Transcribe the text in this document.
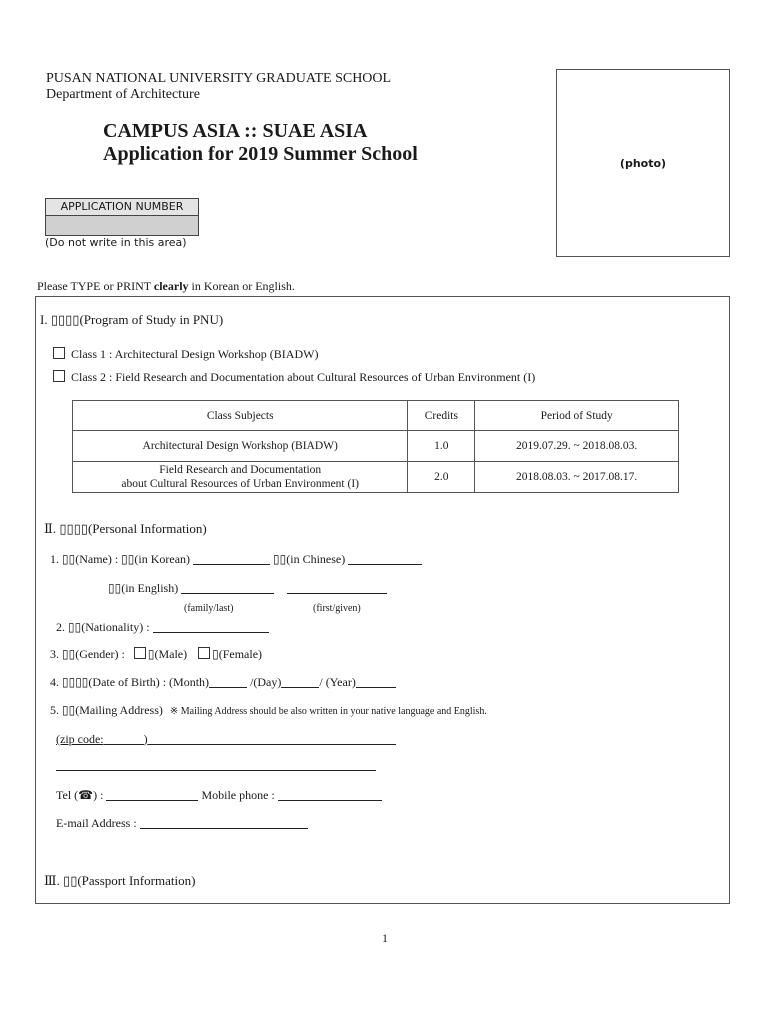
PUSAN NATIONAL UNIVERSITY GRADUATE SCHOOL
Department of Architecture
CAMPUS ASIA :: SUAE ASIA
Application for 2019 Summer School	(photo)
APPLICATION NUMBER
(Do not write in this area)
Please TYPE or PRINT clearly in Korean or English.
I. ▯▯▯▯(Program of Study in PNU)
Class 1 : Architectural Design Workshop (BIADW)
Class 2 : Field Research and Documentation about Cultural Resources of Urban Environment (I)
Class Subjects	Credits	Period of Study
Architectural Design Workshop (BIADW)	1.0	2019.07.29. ~ 2018.08.03.

Field Research and Documentation
about Cultural Resources of Urban Environment (I)	2.0	2018.08.03. ~ 2017.08.17.
Ⅱ. ▯▯▯▯(Personal Information)
1. ▯▯(Name) : ▯▯(in Korean)	▯▯(in Chinese)
▯▯(in English)
(family/last)	(first/given)
2. ▯▯(Nationality) :
3. ▯▯(Gender) : ▯(Male) ▯(Female)
4. ▯▯▯▯(Date of Birth) : (Month)	/(Day)	/ (Year)
5. ▯▯(Mailing Address) ※ Mailing Address should be also written in your native language and English.
(zip code:	)
Tel (☎) :	Mobile phone :
E-mail Address :
Ⅲ. ▯▯(Passport Information)
1
